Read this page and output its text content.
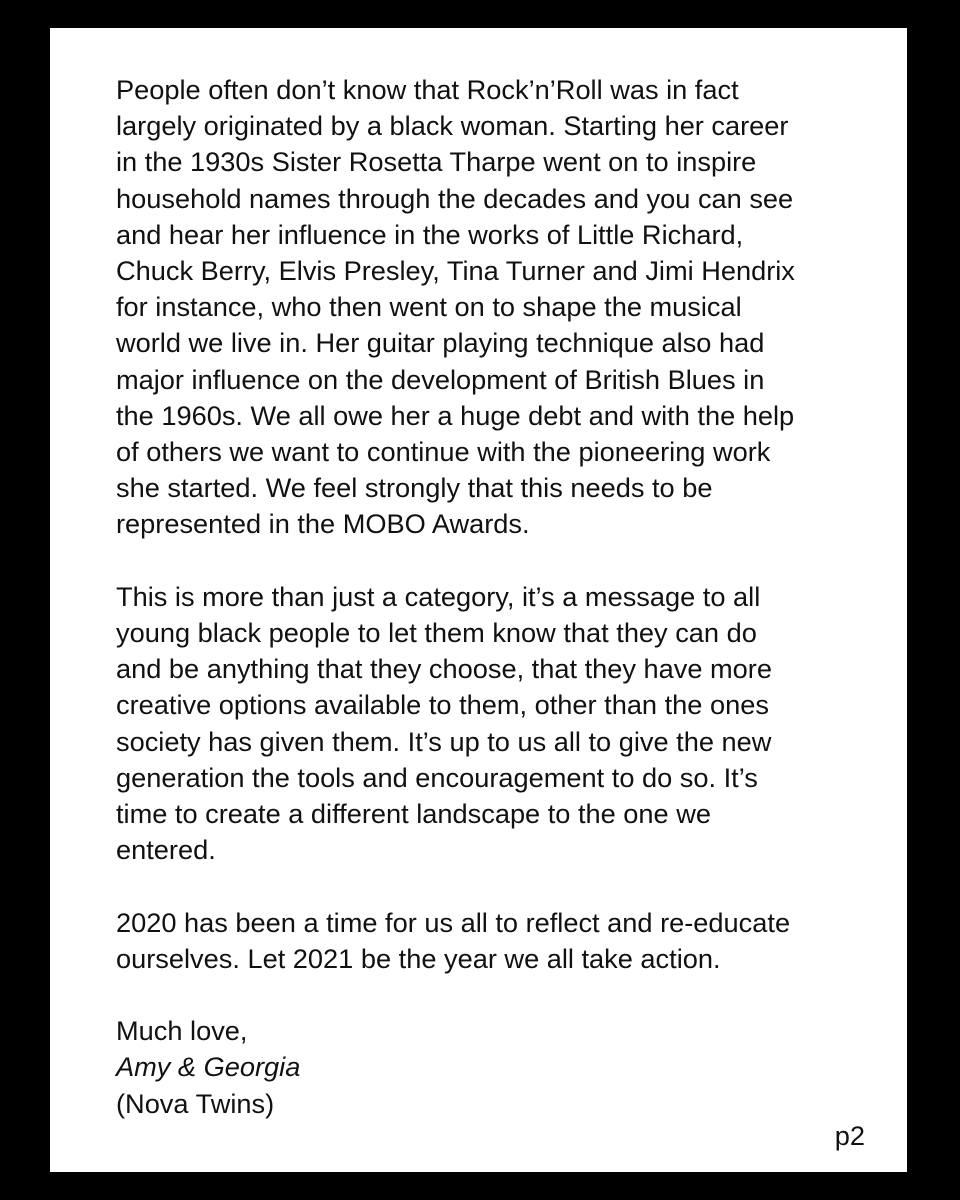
People often don’t know that Rock’n’Roll was in fact
largely originated by a black woman. Starting her career
in the 1930s Sister Rosetta Tharpe went on to inspire
household names through the decades and you can see
and hear her influence in the works of Little Richard,
Chuck Berry, Elvis Presley, Tina Turner and Jimi Hendrix
for instance, who then went on to shape the musical
world we live in. Her guitar playing technique also had
major influence on the development of British Blues in
the 1960s. We all owe her a huge debt and with the help
of others we want to continue with the pioneering work
she started. We feel strongly that this needs to be
represented in the MOBO Awards.

This is more than just a category, it’s a message to all
young black people to let them know that they can do
and be anything that they choose, that they have more
creative options available to them, other than the ones
society has given them. It’s up to us all to give the new
generation the tools and encouragement to do so. It’s
time to create a different landscape to the one we
entered.

2020 has been a time for us all to reflect and re-educate
ourselves. Let 2021 be the year we all take action.

Much love,
Amy & Georgia
(Nova Twins)
p2
